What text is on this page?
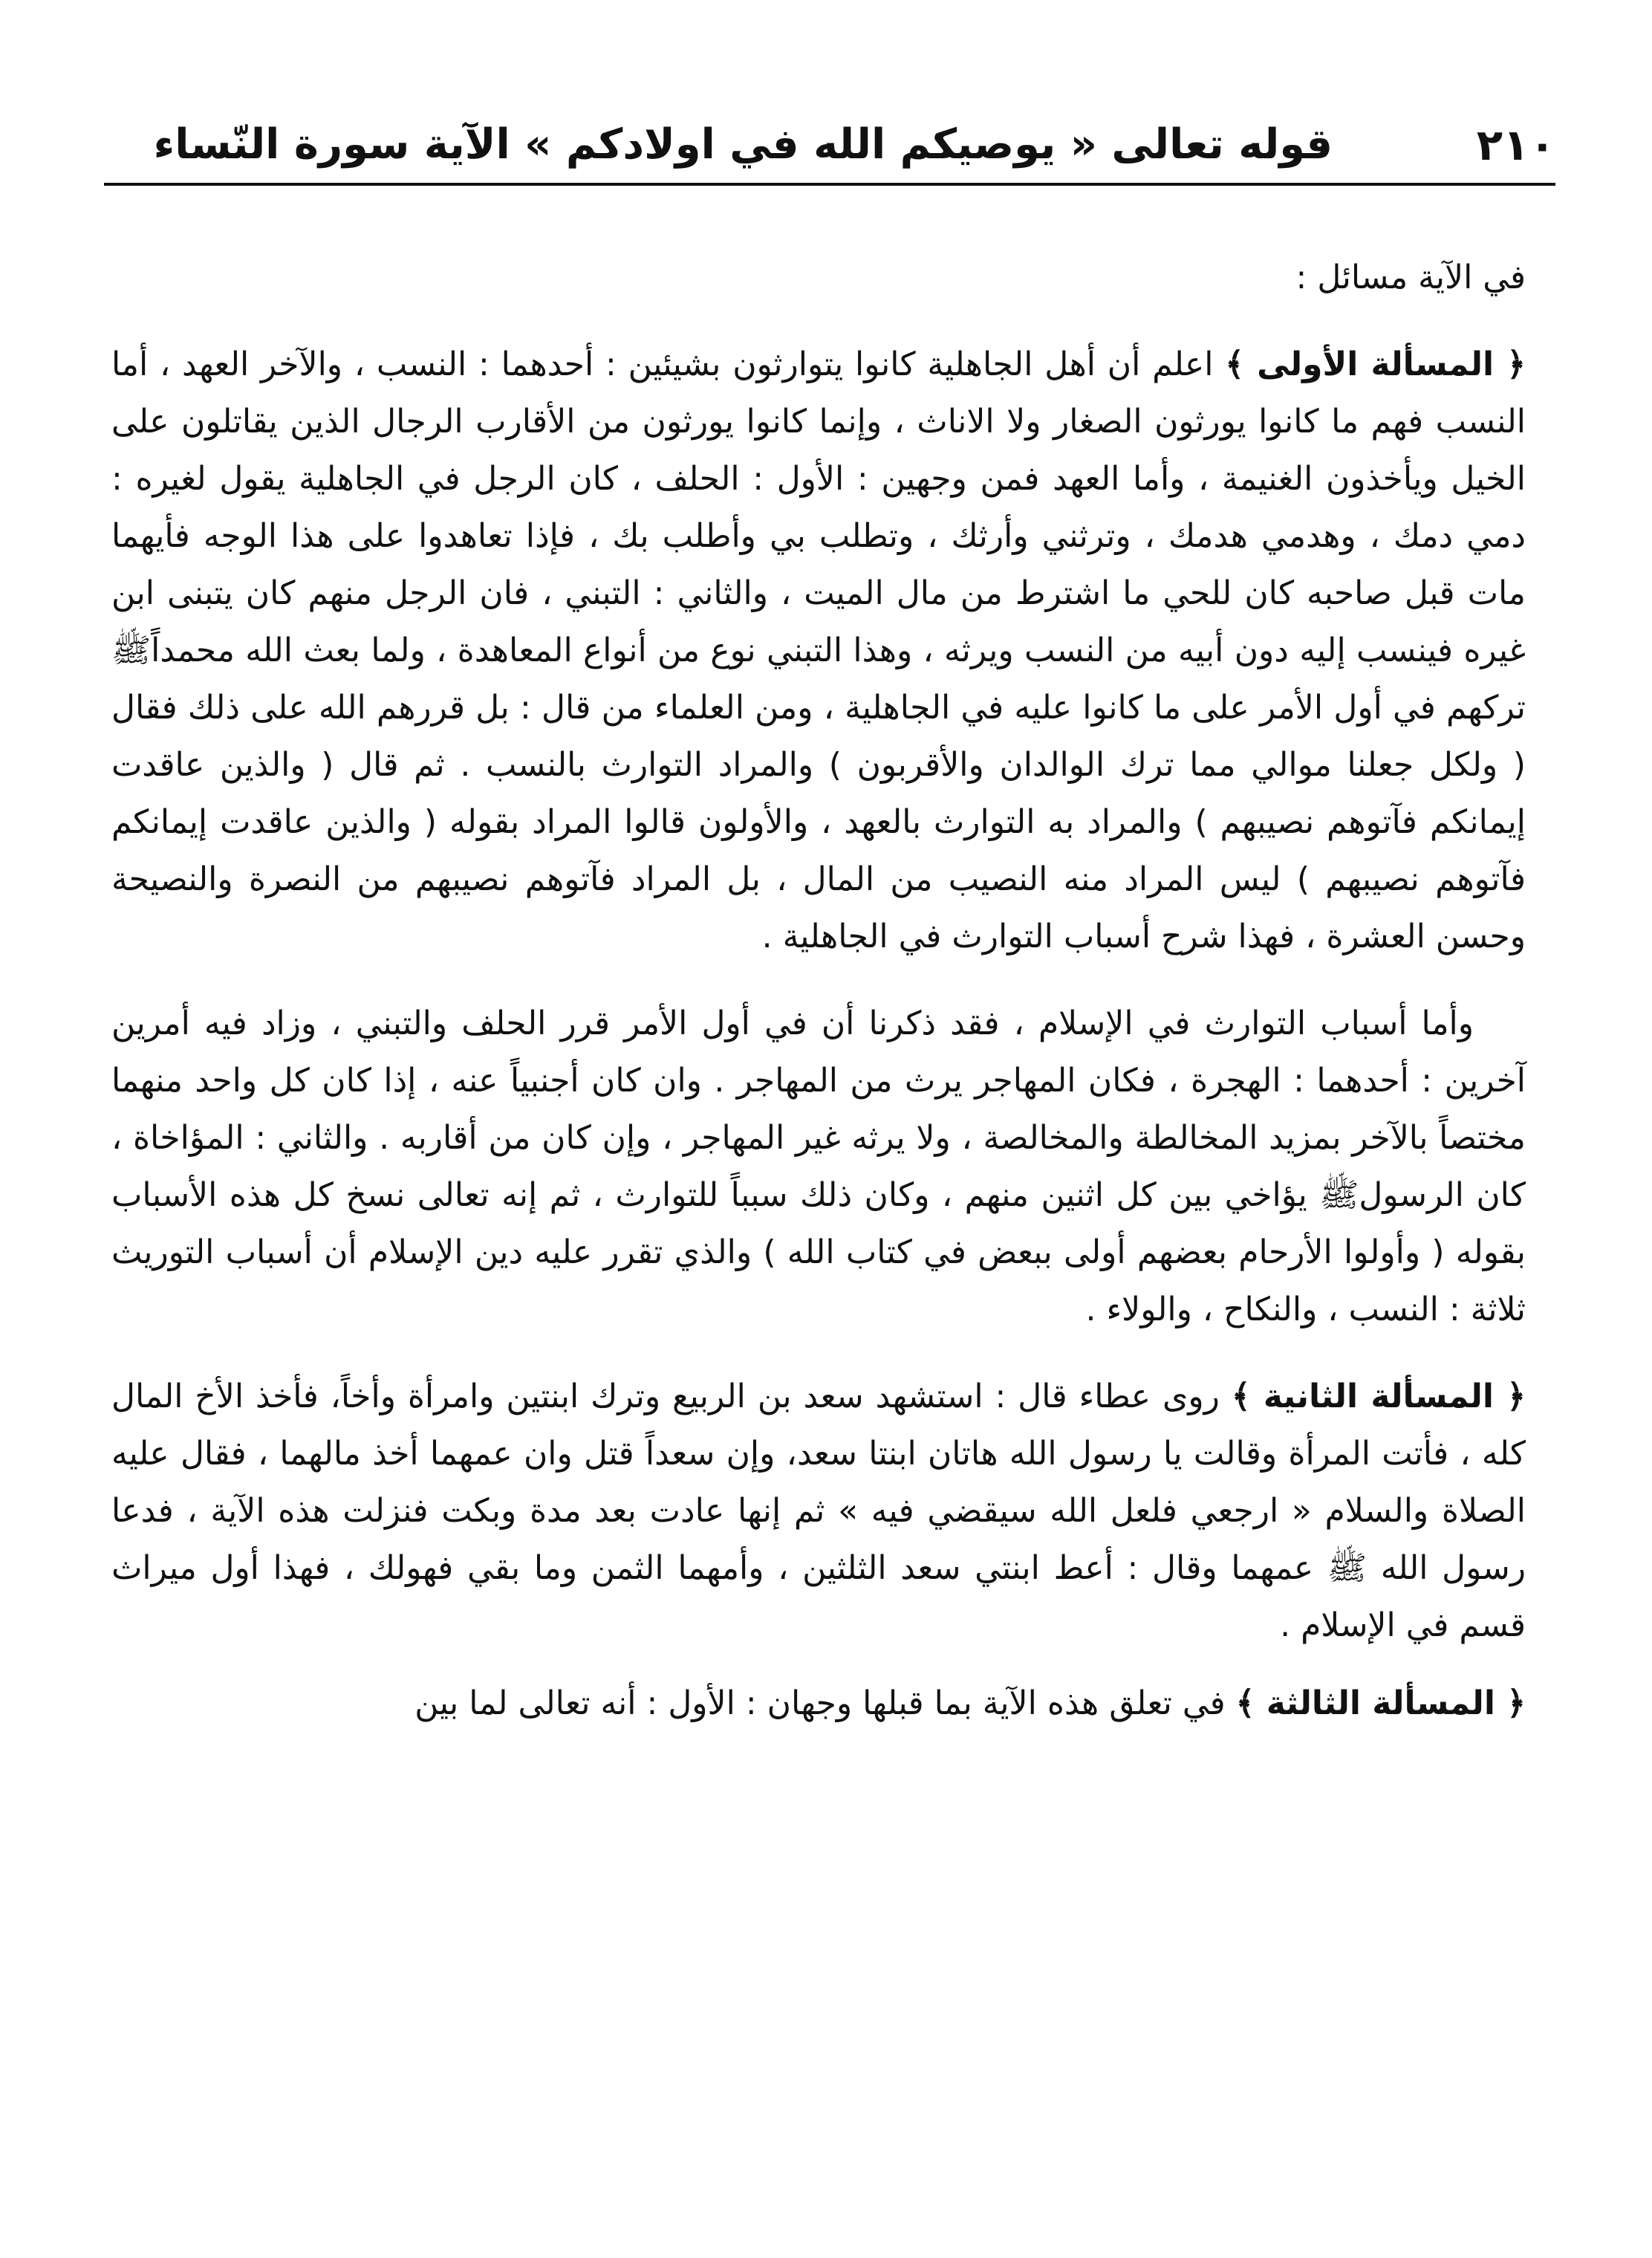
٢١٠
قوله تعالى « يوصيكم الله في اولادكم » الآية سورة النّساء

في الآية مسائل :

﴿ المسألة الأولى ﴾ اعلم أن أهل الجاهلية كانوا يتوارثون بشيئين : أحدهما : النسب ، والآخر العهد ، أما النسب فهم ما كانوا يورثون الصغار ولا الاناث ، وإنما كانوا يورثون من الأقارب الرجال الذين يقاتلون على الخيل ويأخذون الغنيمة ، وأما العهد فمن وجهين : الأول : الحلف ، كان الرجل في الجاهلية يقول لغيره : دمي دمك ، وهدمي هدمك ، وترثني وأرثك ، وتطلب بي وأطلب بك ، فإذا تعاهدوا على هذا الوجه فأيهما مات قبل صاحبه كان للحي ما اشترط من مال الميت ، والثاني : التبني ، فان الرجل منهم كان يتبنى ابن غيره فينسب إليه دون أبيه من النسب ويرثه ، وهذا التبني نوع من أنواع المعاهدة ، ولما بعث الله محمداًﷺ تركهم في أول الأمر على ما كانوا عليه في الجاهلية ، ومن العلماء من قال : بل قررهم الله على ذلك فقال ( ولكل جعلنا موالي مما ترك الوالدان والأقربون ) والمراد التوارث بالنسب . ثم قال ( والذين عاقدت إيمانكم فآتوهم نصيبهم ) والمراد به التوارث بالعهد ، والأولون قالوا المراد بقوله ( والذين عاقدت إيمانكم فآتوهم نصيبهم ) ليس المراد منه النصيب من المال ، بل المراد فآتوهم نصيبهم من النصرة والنصيحة وحسن العشرة ، فهذا شرح أسباب التوارث في الجاهلية .

وأما أسباب التوارث في الإسلام ، فقد ذكرنا أن في أول الأمر قرر الحلف والتبني ، وزاد فيه أمرين آخرين : أحدهما : الهجرة ، فكان المهاجر يرث من المهاجر . وان كان أجنبياً عنه ، إذا كان كل واحد منهما مختصاً بالآخر بمزيد المخالطة والمخالصة ، ولا يرثه غير المهاجر ، وإن كان من أقاربه . والثاني : المؤاخاة ، كان الرسولﷺ يؤاخي بين كل اثنين منهم ، وكان ذلك سبباً للتوارث ، ثم إنه تعالى نسخ كل هذه الأسباب بقوله ( وأولوا الأرحام بعضهم أولى ببعض في كتاب الله ) والذي تقرر عليه دين الإسلام أن أسباب التوريث ثلاثة : النسب ، والنكاح ، والولاء .

﴿ المسألة الثانية ﴾ روى عطاء قال : استشهد سعد بن الربيع وترك ابنتين وامرأة وأخاً، فأخذ الأخ المال كله ، فأتت المرأة وقالت يا رسول الله هاتان ابنتا سعد، وإن سعداً قتل وان عمهما أخذ مالهما ، فقال عليه الصلاة والسلام « ارجعي فلعل الله سيقضي فيه » ثم إنها عادت بعد مدة وبكت فنزلت هذه الآية ، فدعا رسول الله ﷺ عمهما وقال : أعط ابنتي سعد الثلثين ، وأمهما الثمن وما بقي فهولك ، فهذا أول ميراث قسم في الإسلام .

﴿ المسألة الثالثة ﴾ في تعلق هذه الآية بما قبلها وجهان : الأول : أنه تعالى لما بين
